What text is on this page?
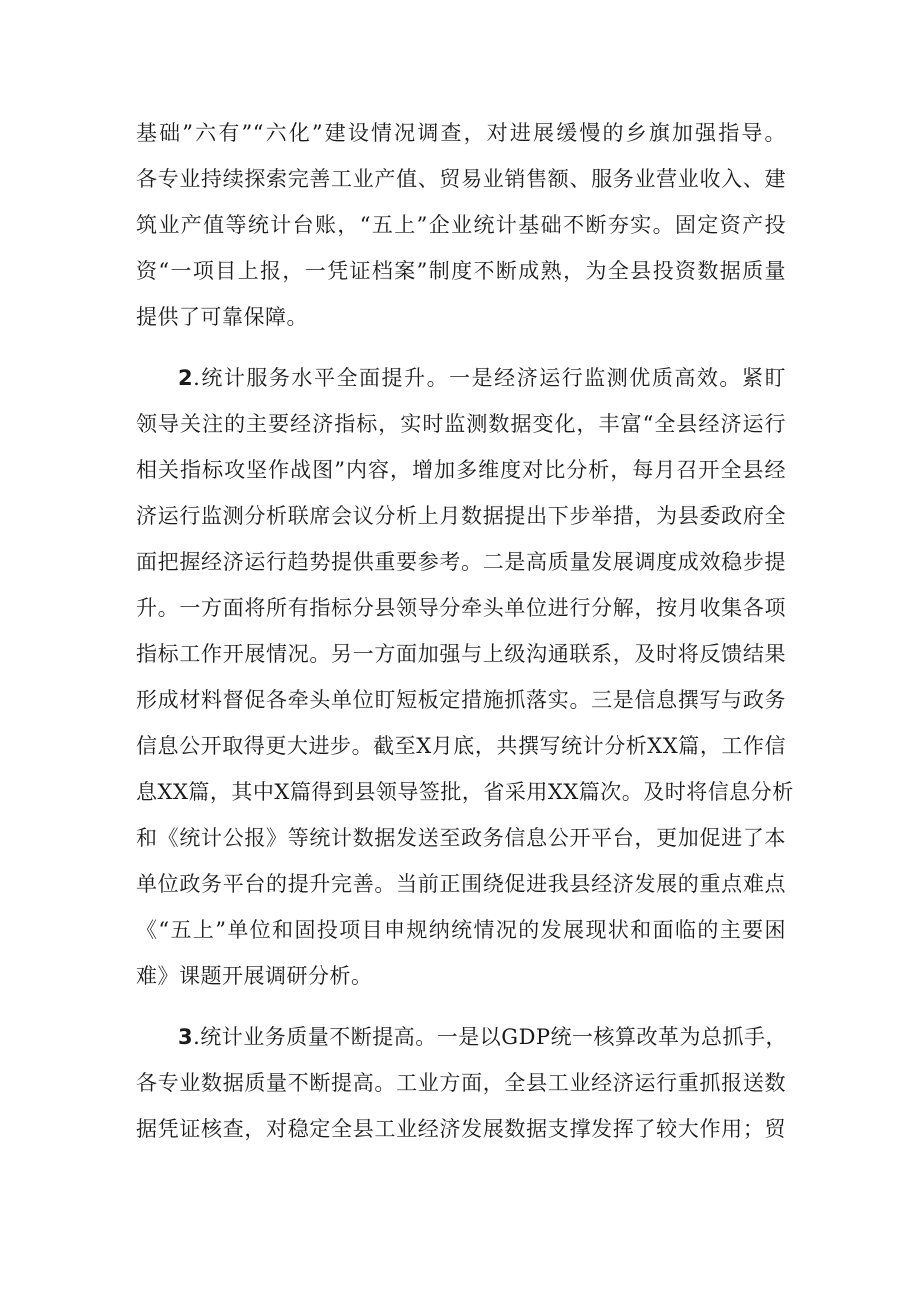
基础”六有”“六化”建设情况调查，对进展缓慢的乡旗加强指导。
各专业持续探索完善工业产值、贸易业销售额、服务业营业收入、建
筑业产值等统计台账，“五上”企业统计基础不断夯实。固定资产投
资“一项目上报，一凭证档案”制度不断成熟，为全县投资数据质量
提供了可靠保障。
2 .统计服务水平全面提升。一是经济运行监测优质高效。紧盯
领导关注的主要经济指标，实时监测数据变化，丰富“全县经济运行
相关指标攻坚作战图”内容，增加多维度对比分析，每月召开全县经
济运行监测分析联席会议分析上月数据提出下步举措，为县委政府全
面把握经济运行趋势提供重要参考。二是高质量发展调度成效稳步提
升。一方面将所有指标分县领导分牵头单位进行分解，按月收集各项
指标工作开展情况。另一方面加强与上级沟通联系，及时将反馈结果
形成材料督促各牵头单位盯短板定措施抓落实。三是信息撰写与政务
信息公开取得更大进步。截至X月底，共撰写统计分析XX篇，工作信
息XX篇，其中X篇得到县领导签批，省采用XX篇次。及时将信息分析
和《统计公报》等统计数据发送至政务信息公开平台，更加促进了本
单位政务平台的提升完善。当前正围绕促进我县经济发展的重点难点
《“五上”单位和固投项目申规纳统情况的发展现状和面临的主要困
难》课题开展调研分析。
3 .统计业务质量不断提高。一是以GDP统一核算改革为总抓手，
各专业数据质量不断提高。工业方面，全县工业经济运行重抓报送数
据凭证核查，对稳定全县工业经济发展数据支撑发挥了较大作用；贸
